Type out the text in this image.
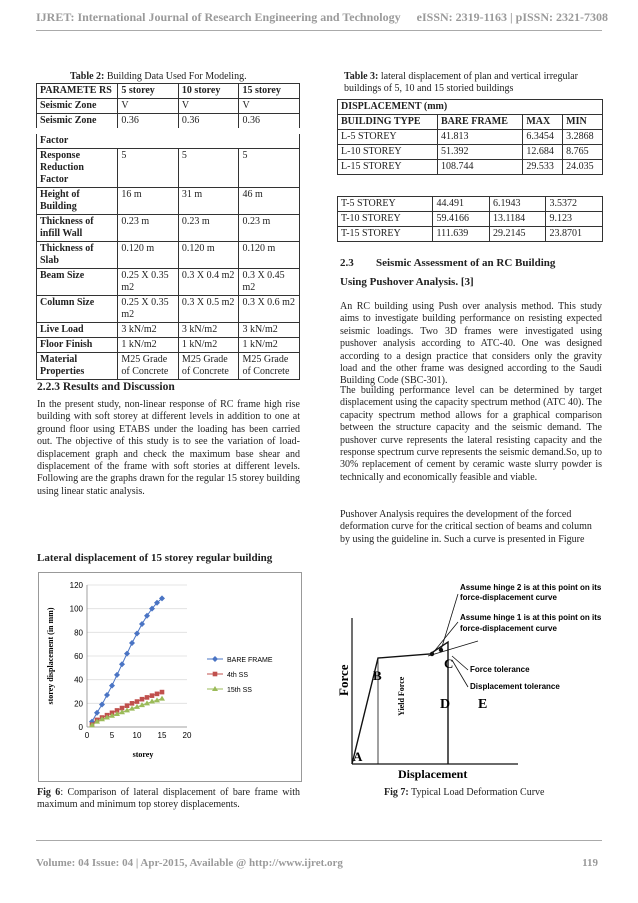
IJRET: International Journal of Research Engineering and Technology eISSN: 2319-1163 | pISSN: 2321-7308
Table 2: Building Data Used For Modeling.
PARAMETE RS	5 storey	10 storey	15 storey
Seismic Zone	V	V	V
Seismic Zone	0.36	0.36	0.36
Factor			
Response Reduction Factor	5	5	5
Height of Building	16 m	31 m	46 m
Thickness of infill Wall	0.23 m	0.23 m	0.23 m
Thickness of Slab	0.120 m	0.120 m	0.120 m
Beam Size	0.25 X 0.35 m2	0.3 X 0.4 m2	0.3 X 0.45 m2
Column Size	0.25 X 0.35 m2	0.3 X 0.5 m2	0.3 X 0.6 m2
Live Load	3 kN/m2	3 kN/m2	3 kN/m2
Floor Finish	1 kN/m2	1 kN/m2	1 kN/m2
Material Properties	M25 Grade of Concrete	M25 Grade of Concrete	M25 Grade of Concrete
2.2.3 Results and Discussion
In the present study, non-linear response of RC frame high rise building with soft storey at different levels in addition to one at ground floor using ETABS under the loading has been carried out. The objective of this study is to see the variation of load- displacement graph and check the maximum base shear and displacement of the frame with soft stories at different levels. Following are the graphs drawn for the regular 15 storey building using linear static analysis.
Lateral displacement of 15 storey regular building
0
20
40
60
80
100
120
0	5 10 15 20
storey
storey displacement (in mm)	BARE FRAME
4th SS
15th SS
Fig 6: Comparison of lateral displacement of bare frame with maximum and minimum top storey displacements.
Table 3: lateral displacement of plan and vertical irregular buildings of 5, 10 and 15 storied buildings
DISPLACEMENT (mm)			
BUILDING TYPE	BARE FRAME	MAX	MIN
L-5 STOREY	41.813	6.3454	3.2868
L-10 STOREY	51.392	12.684	8.765
L-15 STOREY	108.744	29.533	24.035
T-5 STOREY	44.491	6.1943	3.5372
T-10 STOREY	59.4166	13.1184	9.123
T-15 STOREY	111.639	29.2145	23.8701
2.3 Seismic Assessment of an RC Building
Using Pushover Analysis. [3]
An RC building using Push over analysis method. This study aims to investigate building performance on resisting expected seismic loadings. Two 3D frames were investigated using pushover analysis according to ATC-40. One was designed according to a design practice that considers only the gravity load and the other frame was designed according to the Saudi Building Code (SBC-301).
The building performance level can be determined by target displacement using the capacity spectrum method (ATC 40). The capacity spectrum method allows for a graphical comparison between the structure capacity and the seismic demand. The pushover curve represents the lateral resisting capacity and the response spectrum curve represents the seismic demand.So, up to 30% replacement of cement by ceramic waste slurry powder is technically and economically feasible and viable.
Pushover Analysis requires the development of the forced deformation curve for the critical section of beams and column by using the guideline in. Such a curve is presented in Figure
Assume hinge 2 is at this point on its
force-displacement curve
Assume hinge 1 is at this point on its
force-displacement curve
Force tolerance
Displacement tolerance
Force
Displacement
Yield Force
A
B
C
D E
Fig 7: Typical Load Deformation Curve
Volume: 04 Issue: 04 | Apr-2015, Available @ http://www.ijret.org	119
